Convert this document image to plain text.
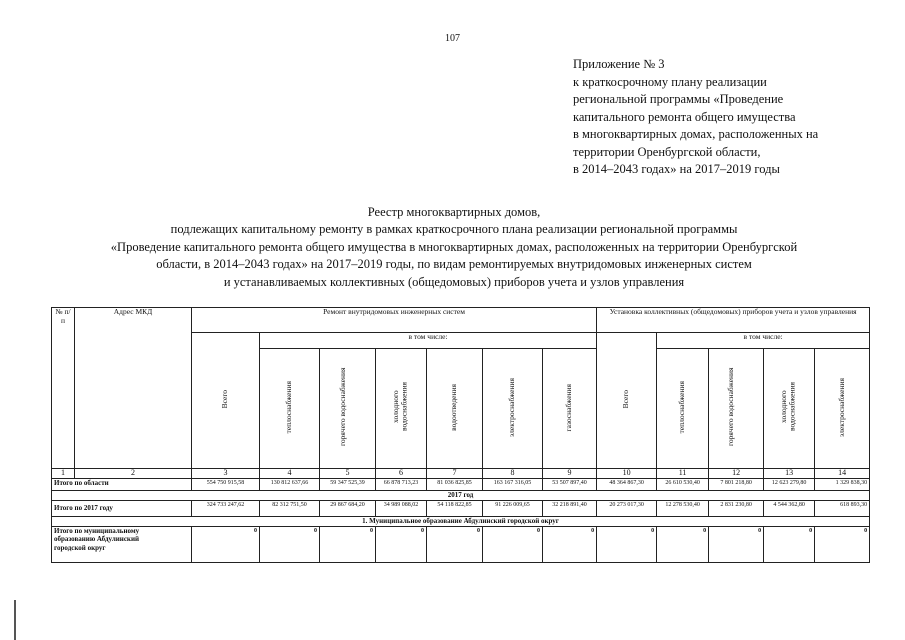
107
Приложение № 3
к краткосрочному плану реализации
региональной программы «Проведение
капитального ремонта общего имущества
в многоквартирных домах, расположенных на
территории Оренбургской области,
в 2014–2043 годах» на 2017–2019 годы
Реестр многоквартирных домов,
подлежащих капитальному ремонту в рамках краткосрочного плана реализации региональной программы
«Проведение капитального ремонта общего имущества в многоквартирных домах, расположенных на территории Оренбургской
области, в 2014–2043 годах» на 2017–2019 годы, по видам ремонтируемых внутридомовых инженерных систем
и устанавливаемых коллективных (общедомовых) приборов учета и узлов управления
№ п/п	Адрес МКД	Ремонт внутридомовых инженерных систем							Установка коллективных (общедомовых) приборов учета и узлов управления				
		Всего	в том числе:						Всего	в том числе:			
			теплоснабжения	горячего водоснабжения	холодного водоснабжения	водоотведения	электроснабжения	газоснабжения		теплоснабжения	горячего водоснабжения	холодного водоснабжения	электроснабжения
1	2	3	4	5	6	7	8	9	10	11	12	13	14
Итого по области		554 750 915,58	130 812 637,66	59 347 525,39	66 878 713,23	81 036 825,85	163 167 316,05	53 507 897,40	48 364 867,30	26 610 530,40	7 801 218,80	12 623 279,80	1 329 838,30
2017 год													
Итого по 2017 году		324 733 247,62	82 312 751,50	29 867 684,20	34 989 088,02	54 118 822,85	91 226 009,65	32 218 891,40	20 273 017,30	12 278 530,40	2 831 230,80	4 544 362,80	618 893,30
1. Муниципальное образование Абдулинский городской округ													
Итого по муниципальному образованию Абдулинский городской округ		0	0	0	0	0	0	0	0	0	0	0	0
